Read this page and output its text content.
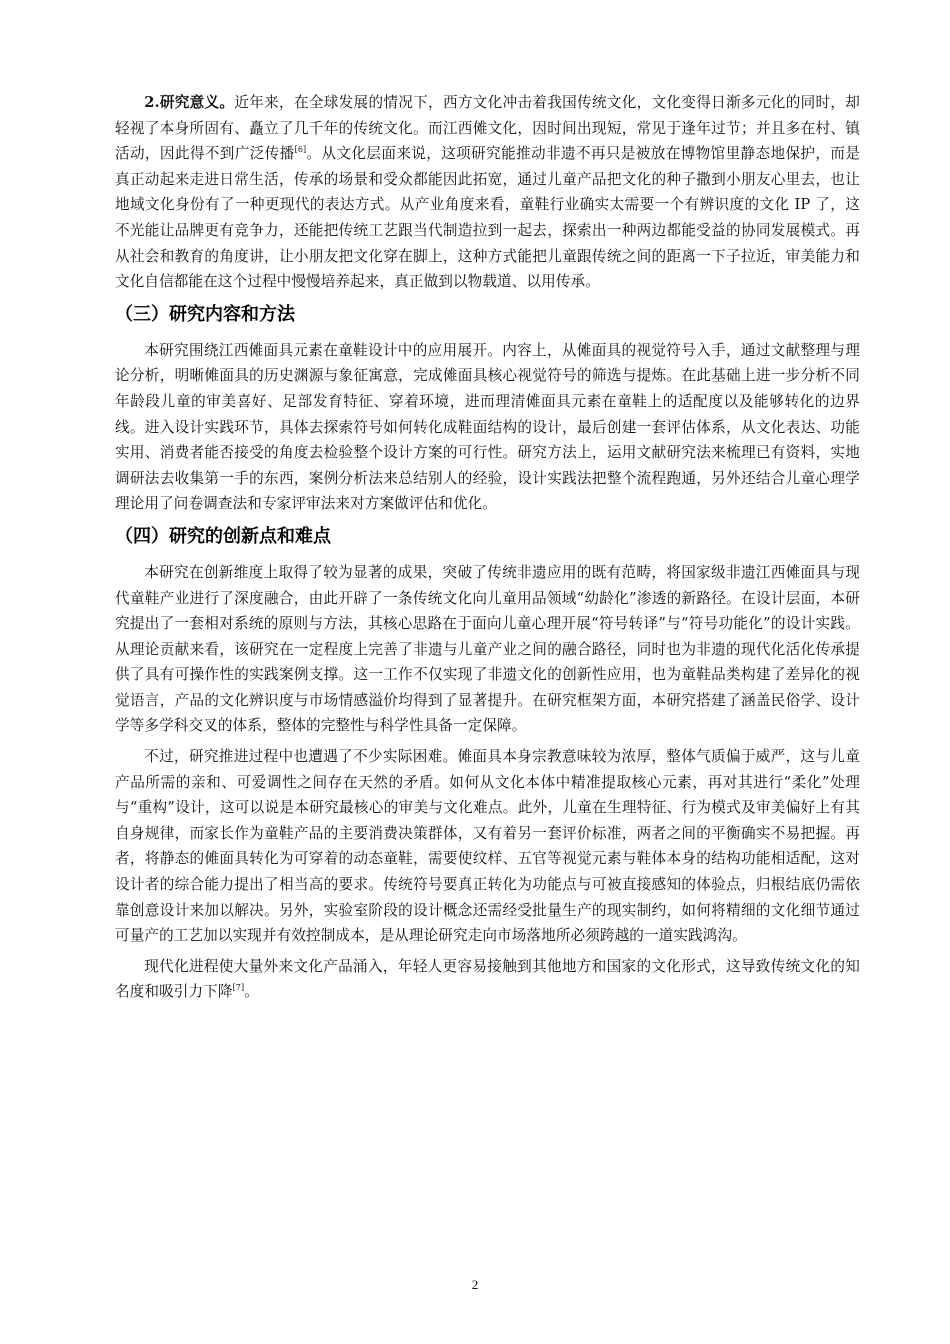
2.研究意义。近年来，在全球发展的情况下，西方文化冲击着我国传统文化，文化变得日渐多元化的同时，却轻视了本身所固有、矗立了几千年的传统文化。而江西傩文化，因时间出现短，常见于逢年过节；并且多在村、镇活动，因此得不到广泛传播[6]。从文化层面来说，这项研究能推动非遗不再只是被放在博物馆里静态地保护，而是真正动起来走进日常生活，传承的场景和受众都能因此拓宽，通过儿童产品把文化的种子撒到小朋友心里去，也让地域文化身份有了一种更现代的表达方式。从产业角度来看，童鞋行业确实太需要一个有辨识度的文化 IP 了，这不光能让品牌更有竞争力，还能把传统工艺跟当代制造拉到一起去，探索出一种两边都能受益的协同发展模式。再从社会和教育的角度讲，让小朋友把文化穿在脚上，这种方式能把儿童跟传统之间的距离一下子拉近，审美能力和文化自信都能在这个过程中慢慢培养起来，真正做到以物载道、以用传承。

（三）研究内容和方法

本研究围绕江西傩面具元素在童鞋设计中的应用展开。内容上，从傩面具的视觉符号入手，通过文献整理与理论分析，明晰傩面具的历史渊源与象征寓意，完成傩面具核心视觉符号的筛选与提炼。在此基础上进一步分析不同年龄段儿童的审美喜好、足部发育特征、穿着环境，进而理清傩面具元素在童鞋上的适配度以及能够转化的边界线。进入设计实践环节，具体去探索符号如何转化成鞋面结构的设计，最后创建一套评估体系，从文化表达、功能实用、消费者能否接受的角度去检验整个设计方案的可行性。研究方法上，运用文献研究法来梳理已有资料，实地调研法去收集第一手的东西，案例分析法来总结别人的经验，设计实践法把整个流程跑通，另外还结合儿童心理学理论用了问卷调查法和专家评审法来对方案做评估和优化。

（四）研究的创新点和难点

本研究在创新维度上取得了较为显著的成果，突破了传统非遗应用的既有范畴，将国家级非遗江西傩面具与现代童鞋产业进行了深度融合，由此开辟了一条传统文化向儿童用品领域“幼龄化”渗透的新路径。在设计层面，本研究提出了一套相对系统的原则与方法，其核心思路在于面向儿童心理开展“符号转译”与“符号功能化”的设计实践。从理论贡献来看，该研究在一定程度上完善了非遗与儿童产业之间的融合路径，同时也为非遗的现代化活化传承提供了具有可操作性的实践案例支撑。这一工作不仅实现了非遗文化的创新性应用，也为童鞋品类构建了差异化的视觉语言，产品的文化辨识度与市场情感溢价均得到了显著提升。在研究框架方面，本研究搭建了涵盖民俗学、设计学等多学科交叉的体系，整体的完整性与科学性具备一定保障。

不过，研究推进过程中也遭遇了不少实际困难。傩面具本身宗教意味较为浓厚，整体气质偏于威严，这与儿童产品所需的亲和、可爱调性之间存在天然的矛盾。如何从文化本体中精准提取核心元素，再对其进行“柔化”处理与“重构”设计，这可以说是本研究最核心的审美与文化难点。此外，儿童在生理特征、行为模式及审美偏好上有其自身规律，而家长作为童鞋产品的主要消费决策群体，又有着另一套评价标准，两者之间的平衡确实不易把握。再者，将静态的傩面具转化为可穿着的动态童鞋，需要使纹样、五官等视觉元素与鞋体本身的结构功能相适配，这对设计者的综合能力提出了相当高的要求。传统符号要真正转化为功能点与可被直接感知的体验点，归根结底仍需依靠创意设计来加以解决。另外，实验室阶段的设计概念还需经受批量生产的现实制约，如何将精细的文化细节通过可量产的工艺加以实现并有效控制成本，是从理论研究走向市场落地所必须跨越的一道实践鸿沟。

现代化进程使大量外来文化产品涌入，年轻人更容易接触到其他地方和国家的文化形式，这导致传统文化的知名度和吸引力下降[7]。

2
